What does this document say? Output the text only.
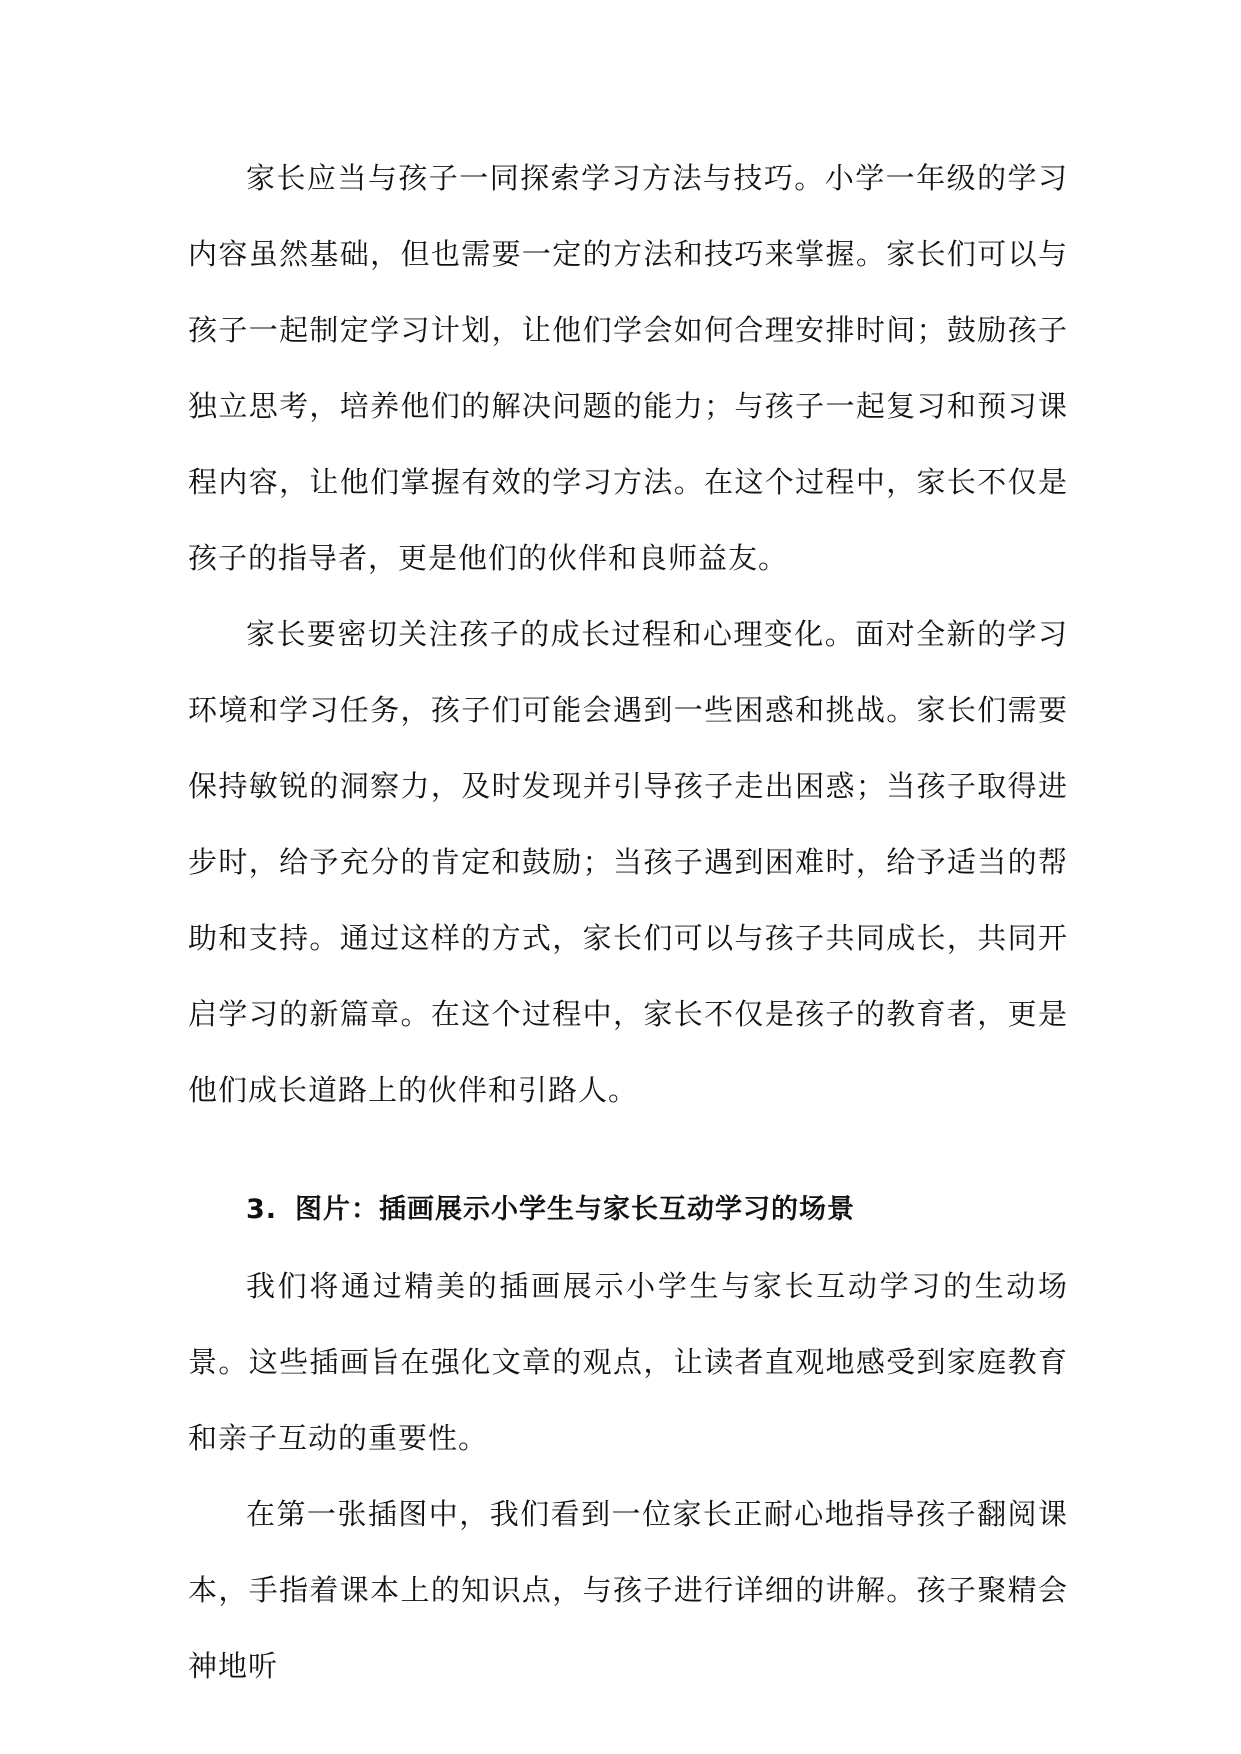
家长应当与孩子一同探索学习方法与技巧。小学一年级的学习内容虽然基础，但也需要一定的方法和技巧来掌握。家长们可以与孩子一起制定学习计划，让他们学会如何合理安排时间；鼓励孩子独立思考，培养他们的解决问题的能力；与孩子一起复习和预习课程内容，让他们掌握有效的学习方法。在这个过程中，家长不仅是孩子的指导者，更是他们的伙伴和良师益友。

家长要密切关注孩子的成长过程和心理变化。面对全新的学习环境和学习任务，孩子们可能会遇到一些困惑和挑战。家长们需要保持敏锐的洞察力，及时发现并引导孩子走出困惑；当孩子取得进步时，给予充分的肯定和鼓励；当孩子遇到困难时，给予适当的帮助和支持。通过这样的方式，家长们可以与孩子共同成长，共同开启学习的新篇章。在这个过程中，家长不仅是孩子的教育者，更是他们成长道路上的伙伴和引路人。

3. 图片：插画展示小学生与家长互动学习的场景

我们将通过精美的插画展示小学生与家长互动学习的生动场景。这些插画旨在强化文章的观点，让读者直观地感受到家庭教育和亲子互动的重要性。

在第一张插图中，我们看到一位家长正耐心地指导孩子翻阅课本，手指着课本上的知识点，与孩子进行详细的讲解。孩子聚精会神地听
